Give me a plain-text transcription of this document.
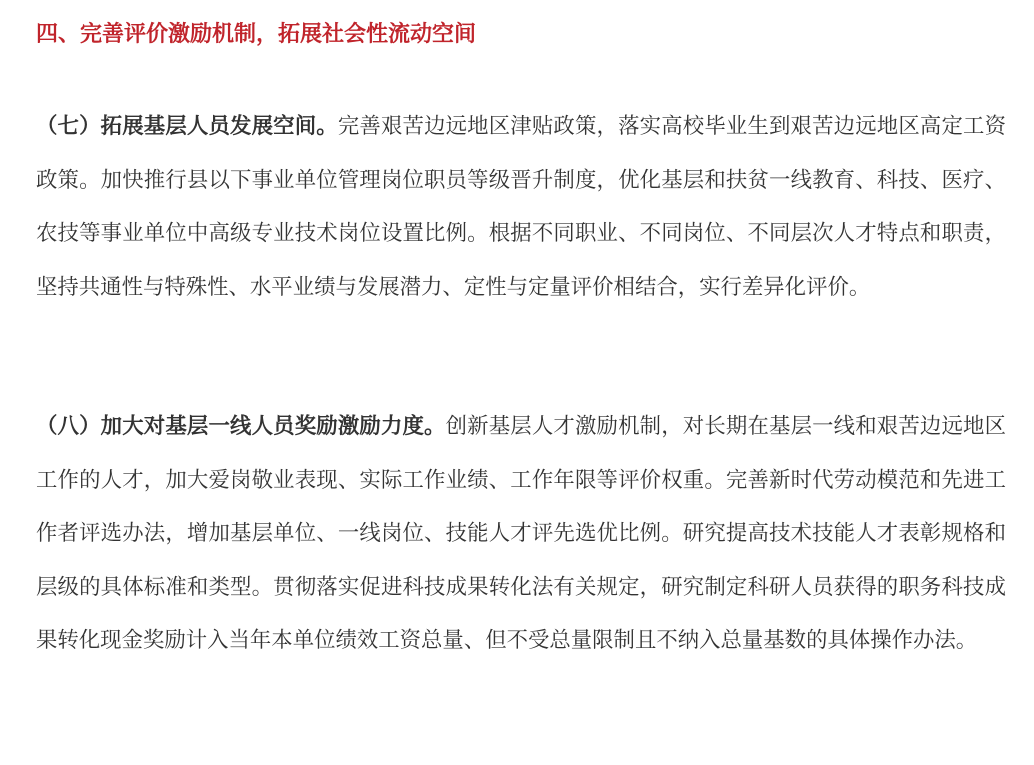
四、完善评价激励机制，拓展社会性流动空间
（七）拓展基层人员发展空间。完善艰苦边远地区津贴政策，落实高校毕业生到艰苦边远地区高定工资政策。加快推行县以下事业单位管理岗位职员等级晋升制度，优化基层和扶贫一线教育、科技、医疗、农技等事业单位中高级专业技术岗位设置比例。根据不同职业、不同岗位、不同层次人才特点和职责，坚持共通性与特殊性、水平业绩与发展潜力、定性与定量评价相结合，实行差异化评价。
（八）加大对基层一线人员奖励激励力度。创新基层人才激励机制，对长期在基层一线和艰苦边远地区工作的人才，加大爱岗敬业表现、实际工作业绩、工作年限等评价权重。完善新时代劳动模范和先进工作者评选办法，增加基层单位、一线岗位、技能人才评先选优比例。研究提高技术技能人才表彰规格和层级的具体标准和类型。贯彻落实促进科技成果转化法有关规定，研究制定科研人员获得的职务科技成果转化现金奖励计入当年本单位绩效工资总量、但不受总量限制且不纳入总量基数的具体操作办法。
